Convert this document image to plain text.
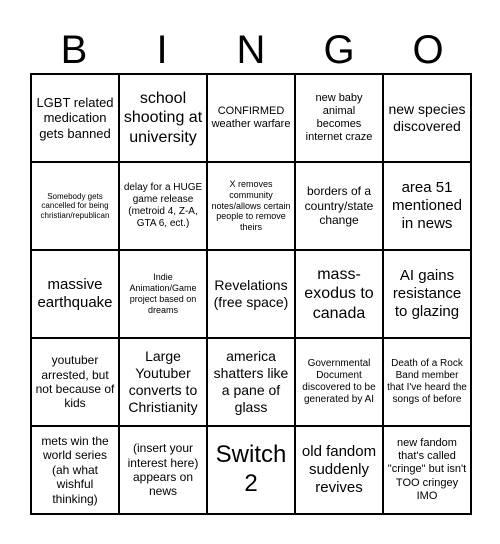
B	I	N	G	O
LGBT related medication gets banned
school shooting at university
CONFIRMED weather warfare
new baby animal becomes internet craze
new species discovered
Somebody gets cancelled for being christian/republican
delay for a HUGE game release (metroid 4, Z-A, GTA 6, ect.)
X removes community notes/allows certain people to remove theirs
borders of a country/state change
area 51 mentioned in news
massive earthquake
Indie Animation/Game project based on dreams
Revelations (free space)
mass-exodus to canada
AI gains resistance to glazing
youtuber arrested, but not because of kids
Large Youtuber converts to Christianity
america shatters like a pane of glass
Governmental Document discovered to be generated by AI
Death of a Rock Band member that I've heard the songs of before
mets win the world series (ah what wishful thinking)
(insert your interest here) appears on news
Switch 2
old fandom suddenly revives
new fandom that's called "cringe" but isn't TOO cringey IMO
